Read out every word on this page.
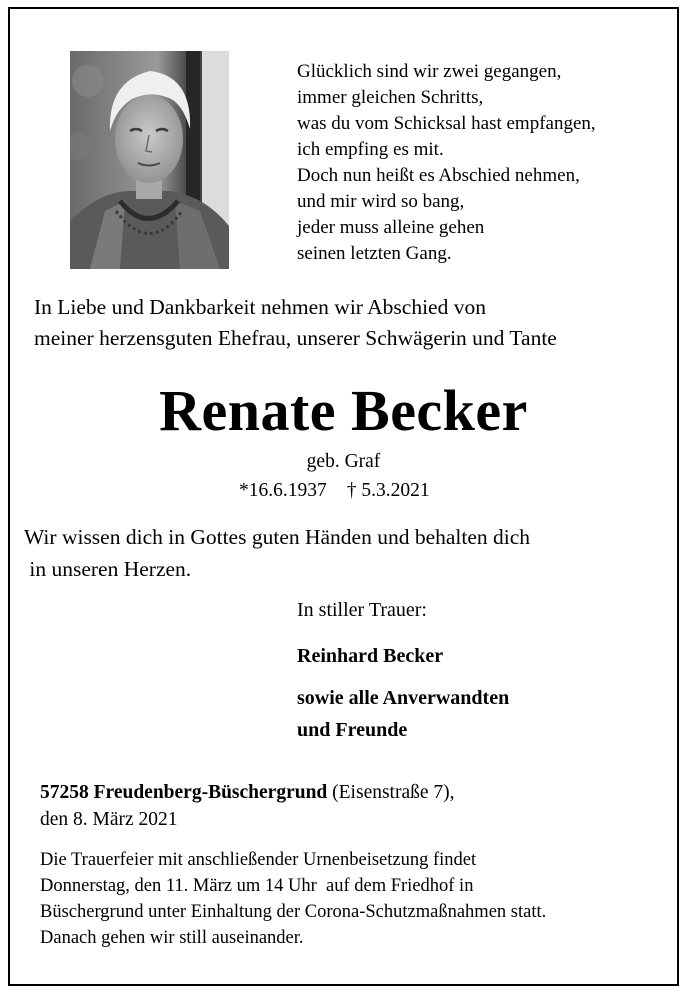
Glücklich sind wir zwei gegangen,
immer gleichen Schritts,
was du vom Schicksal hast empfangen,
ich empfing es mit.
Doch nun heißt es Abschied nehmen,
und mir wird so bang,
jeder muss alleine gehen
seinen letzten Gang.
In Liebe und Dankbarkeit nehmen wir Abschied von
meiner herzensguten Ehefrau, unserer Schwägerin und Tante
Renate Becker
geb. Graf
*16.6.1937 † 5.3.2021
Wir wissen dich in Gottes guten Händen und behalten dich
in unseren Herzen.
In stiller Trauer:
Reinhard Becker
sowie alle Anverwandten
und Freunde
57258 Freudenberg-Büschergrund (Eisenstraße 7),
den 8. März 2021
Die Trauerfeier mit anschließender Urnenbeisetzung findet
Donnerstag, den 11. März um 14 Uhr  auf dem Friedhof in
Büschergrund unter Einhaltung der Corona-Schutzmaßnahmen statt.
Danach gehen wir still auseinander.
